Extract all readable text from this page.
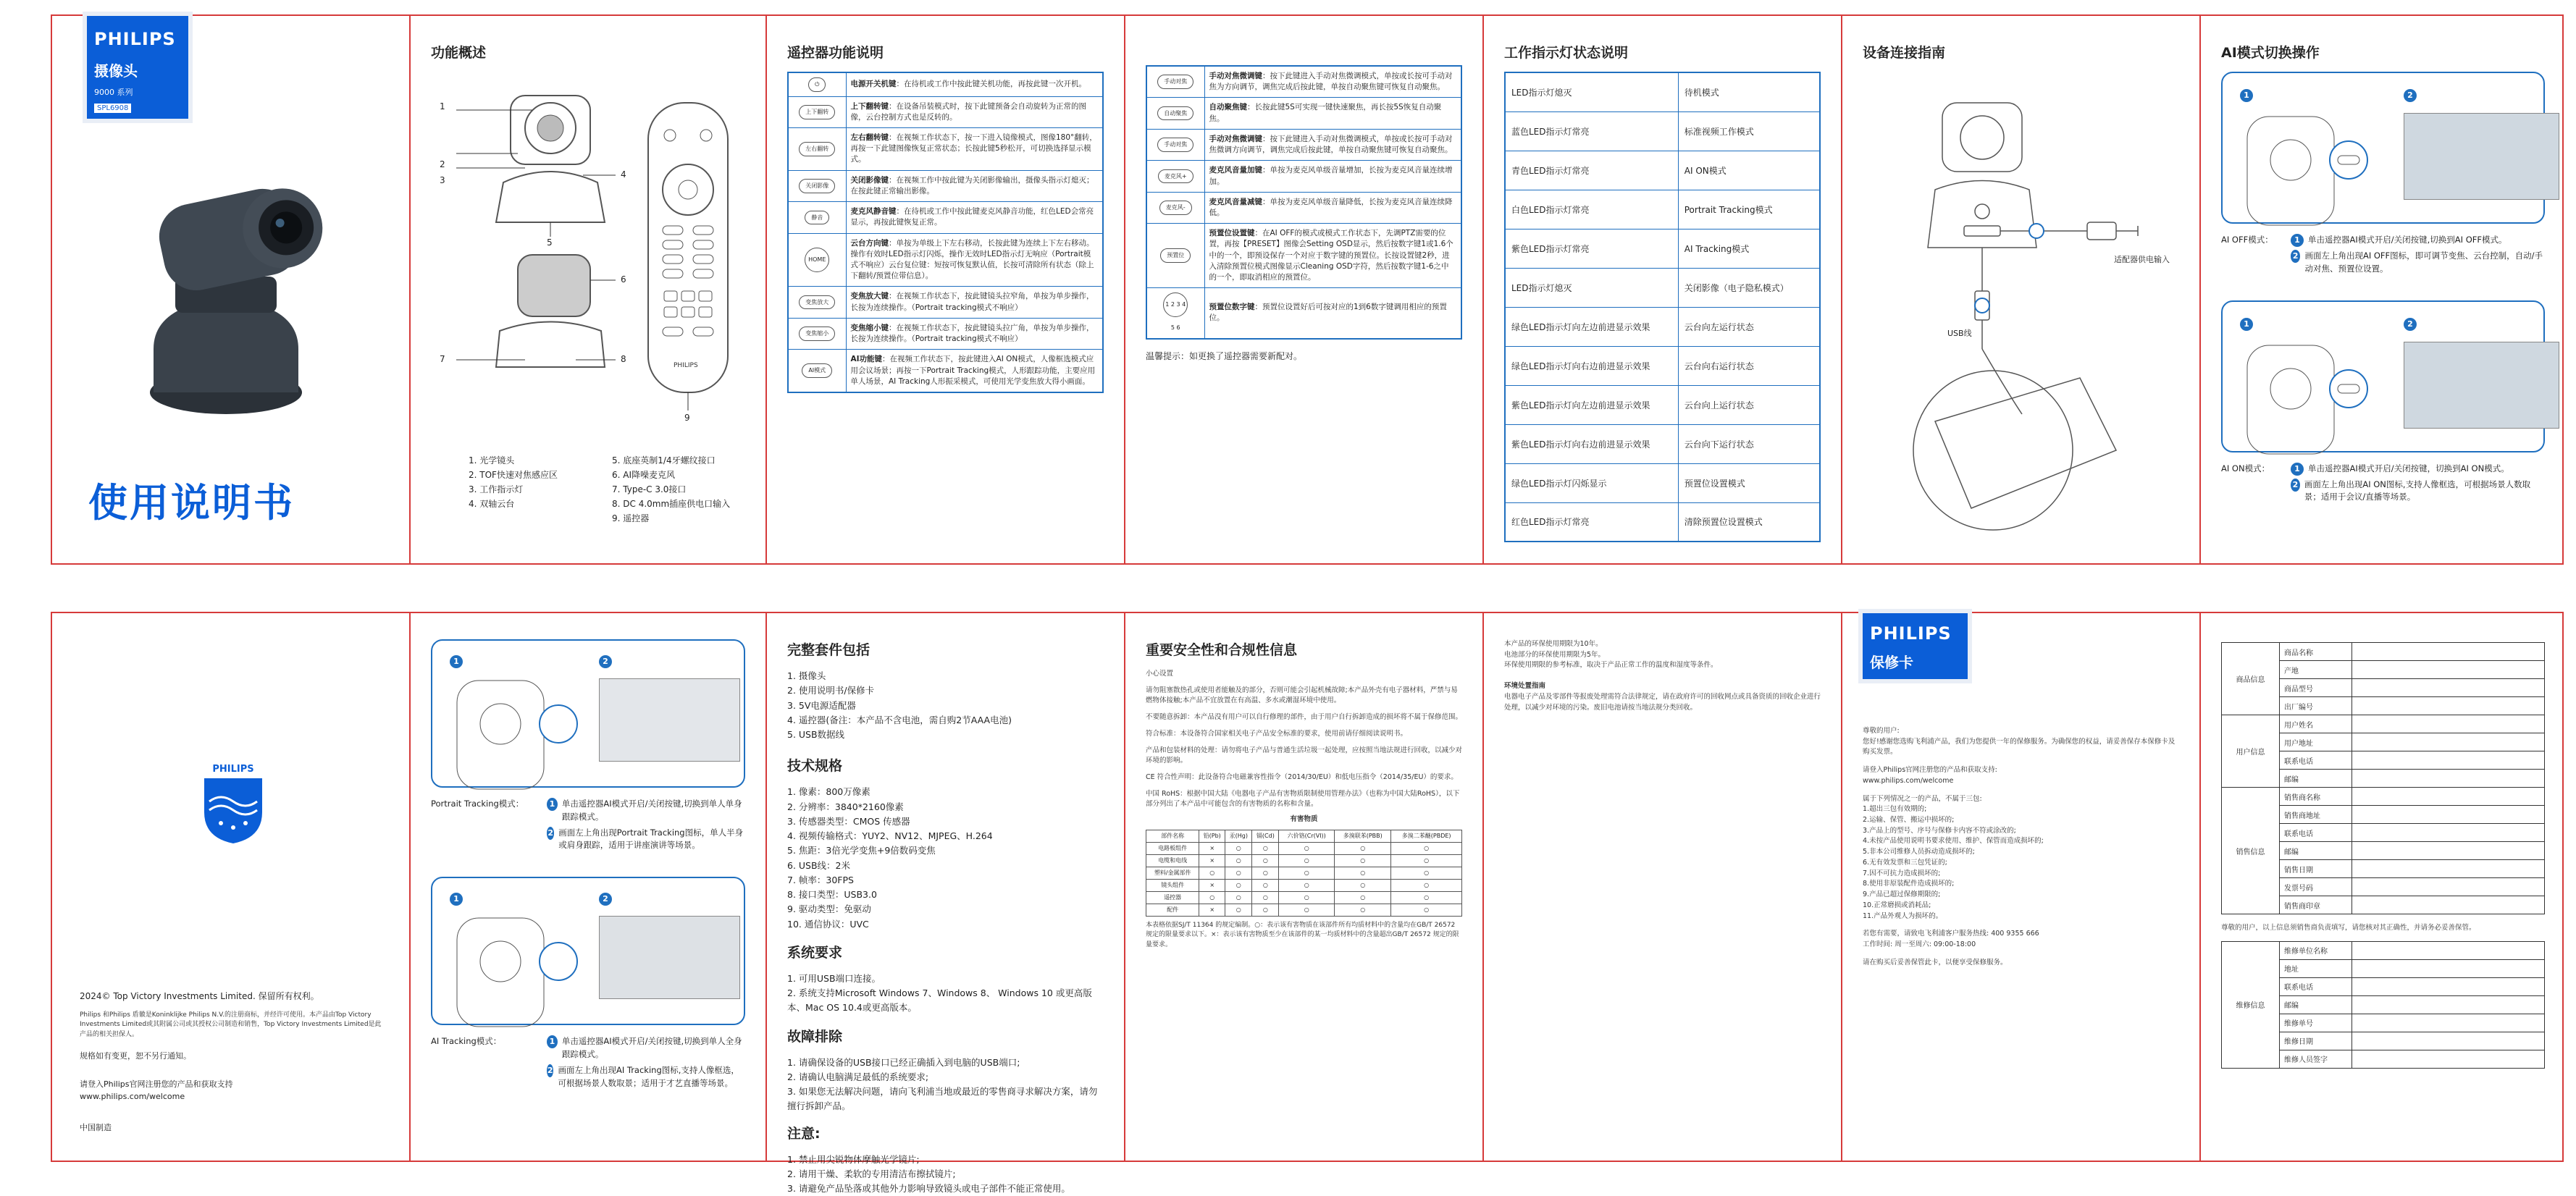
PHILIPS
摄像头
9000 系列
SPL6908
使用说明书
功能概述
PHILIPS
1
2
3
4
5
6
7	8
9
1. 光学镜头	5. 底座英制1/4牙螺纹接口
2. TOF快速对焦感应区	6. AI降噪麦克风
3. 工作指示灯	7. Type-C 3.0接口
4. 双轴云台	8. DC 4.0mm插座供电口输入
9. 遥控器
遥控器功能说明
⏻	电源开关机键：在待机或工作中按此键关机功能，再按此键一次开机。
上下翻转	上下翻转键：在设备吊装模式时，按下此键预备会自动旋转为正常的图像，云台控制方式也是反转的。
左右翻转	左右翻转键：在视频工作状态下，按一下进入镜像模式，图像180°翻转，再按一下此键图像恢复正常状态；长按此键5秒松开，可切换选择显示模式。
关闭影像	关闭影像键：在视频工作中按此键为关闭影像输出，摄像头指示灯熄灭；在按此键正常输出影像。
静音	麦克风静音键：在待机或工作中按此键麦克风静音功能，红色LED会常亮显示，再按此键恢复正常。
HOME	云台方向键：单按为单级上下左右移动，长按此键为连续上下左右移动。操作有效时LED指示灯闪烁，操作无效时LED指示灯无响应（Portrait模式不响应）云台复位键：短按可恢复默认值，长按可清除所有状态（除上下翻转/预置位带信息）。
变焦放大	变焦放大键：在视频工作状态下，按此键镜头拉窄角，单按为单步操作，长按为连续操作。（Portrait tracking模式不响应）
变焦缩小	变焦缩小键：在视频工作状态下，按此键镜头拉广角，单按为单步操作，长按为连续操作。（Portrait tracking模式不响应）
AI模式	AI功能键：在视频工作状态下，按此键进入AI ON模式，人像框选模式应用会议场景；再按一下Portrait Tracking模式，人形跟踪功能，主要应用单人场景，AI Tracking人形振采模式，可使用光学变焦放大得小画面。
手动对焦	手动对焦微调键：按下此键进入手动对焦微调模式，单按或长按可手动对焦为方向调节，调焦完成后按此键，单按自动聚焦键可恢复自动聚焦。
自动聚焦	自动聚焦键：长按此键5S可实现一键快速聚焦，再长按5S恢复自动聚焦。
手动对焦	手动对焦微调键：按下此键进入手动对焦微调模式，单按或长按可手动对焦微调方向调节，调焦完成后按此键，单按自动聚焦键可恢复自动聚焦。
麦克风+	麦克风音量加键：单按为麦克风单级音量增加，长按为麦克风音量连续增加。
麦克风-	麦克风音量减键：单按为麦克风单级音量降低，长按为麦克风音量连续降低。
预置位	预置位设置键：在AI OFF的模式或模式工作状态下，先调PTZ需要的位置，再按【PRESET】图像会Setting OSD显示，然后按数字键1或1.6个中的一个，即预设保存一个对应于数字键的预置位。长按设置键2秒，进入清除预置位模式图像显示Cleaning OSD字符，然后按数字键1-6之中的一个，即取消相应的预置位。
1 2 3 4 5 6	预置位数字键：预置位设置好后可按对应的1到6数字键调用相应的预置位。
温馨提示：如更换了遥控器需要新配对。
工作指示灯状态说明
LED指示灯熄灭	待机模式
蓝色LED指示灯常亮	标准视频工作模式
青色LED指示灯常亮	AI ON模式
白色LED指示灯常亮	Portrait Tracking模式
紫色LED指示灯常亮	AI Tracking模式
LED指示灯熄灭	关闭影像（电子隐私模式）
绿色LED指示灯向左边前进显示效果	云台向左运行状态
绿色LED指示灯向右边前进显示效果	云台向右运行状态
紫色LED指示灯向左边前进显示效果	云台向上运行状态
紫色LED指示灯向右边前进显示效果	云台向下运行状态
绿色LED指示灯闪烁显示	预置位设置模式
红色LED指示灯常亮	清除预置位设置模式
设备连接指南
适配器供电输入
USB线
AI模式切换操作
1	2
AI OFF模式：	1 单击遥控器AI模式开启/关闭按键,切换到AI OFF模式。
2 画面左上角出现AI OFF图标，即可调节变焦、云台控制，自动/手动对焦、预置位设置。
1	2
AI ON模式：	1 单击遥控器AI模式开启/关闭按键，切换到AI ON模式。
2 画面左上角出现AI ON图标,支持人像框选，可根据场景人数取景；适用于会议/直播等场景。
PHILIPS
2024© Top Victory Investments Limited. 保留所有权利。
Philips 和Philips 盾徽是Koninklijke Philips N.V.的注册商标，并经许可使用。本产品由Top Victory Investments Limited或其附属公司或其授权公司制造和销售，Top Victory Investments Limited是此产品的相关担保人。
规格如有变更，恕不另行通知。
请登入Philips官网注册您的产品和获取支持
www.philips.com/welcome
中国制造
1	2
Portrait Tracking模式：	1 单击遥控器AI模式开启/关闭按键,切换到单人单身跟踪模式。
2 画面左上角出现Portrait Tracking图标，单人半身或肩身跟踪，适用于讲座演讲等场景。
1	2
AI Tracking模式：	1 单击遥控器AI模式开启/关闭按键,切换到单人全身跟踪模式。
2 画面左上角出现AI Tracking图标,支持人像框选，可根据场景人数取景；适用于才艺直播等场景。
完整套件包括
1. 摄像头
2. 使用说明书/保修卡
3. 5V电源适配器
4. 遥控器(备注：本产品不含电池，需自购2节AAA电池)
5. USB数据线
技术规格
1. 像素：800万像素
2. 分辨率：3840*2160像素
3. 传感器类型：CMOS 传感器
4. 视频传输格式：YUY2、NV12、MJPEG、H.264
5. 焦距：3倍光学变焦+9倍数码变焦
6. USB线：2米
7. 帧率：30FPS
8. 接口类型：USB3.0
9. 驱动类型：免驱动
10. 通信协议：UVC
系统要求
1. 可用USB端口连接。
2. 系统支持Microsoft Windows 7、Windows 8、 Windows 10 或更高版本、Mac OS 10.4或更高版本。
故障排除
1. 请确保设备的USB接口已经正确插入到电脑的USB端口;
2. 请确认电脑满足最低的系统要求;
3. 如果您无法解决问题，请向飞利浦当地或最近的零售商寻求解决方案，请勿擅行拆卸产品。
注意:
1. 禁止用尖锐物体摩触光学镜片;
2. 请用干燥、柔软的专用清洁布擦拭镜片;
3. 请避免产品坠落或其他外力影响导致镜头或电子部件不能正常使用。
重要安全性和合规性信息
小心设置
请勿阻塞散热孔或使用者能触及的部分，否则可能会引起机械故障;本产品外壳有电子器材料，严禁与易燃物体接触;本产品不宜放置在有高温、多水或潮湿环境中使用。
不要随意拆卸：本产品没有用户可以自行修理的部件，由于用户自行拆卸造成的损坏将不属于保修范围。
符合标准：本设备符合国家相关电子产品安全标准的要求，使用前请仔细阅读说明书。
产品和包装材料的处理：请勿将电子产品与普通生活垃圾一起处理，应按照当地法规进行回收，以减少对环境的影响。
CE 符合性声明：此设备符合电磁兼容性指令（2014/30/EU）和低电压指令（2014/35/EU）的要求。
中国 RoHS：根据中国大陆《电器电子产品有害物质限制使用管理办法》（也称为中国大陆RoHS），以下部分列出了本产品中可能包含的有害物质的名称和含量。
有害物质
部件名称	铅(Pb)	汞(Hg)	镉(Cd)	六价铬(Cr(VI))	多溴联苯(PBB)	多溴二苯醚(PBDE)
电路板组件	×	○	○	○	○	○
电缆和电线	×	○	○	○	○	○
塑料/金属部件	○	○	○	○	○	○
镜头组件	×	○	○	○	○	○
遥控器	○	○	○	○	○	○
配件	×	○	○	○	○	○
本表格依据SJ/T 11364 的规定编制。○：表示该有害物质在该部件所有均质材料中的含量均在GB/T 26572 规定的限量要求以下。×：表示该有害物质至少在该部件的某一均质材料中的含量超出GB/T 26572 规定的限量要求。
本产品的环保使用期限为10年。
电池部分的环保使用期限为5年。
环保使用期限的参考标准，取决于产品正常工作的温度和湿度等条件。
环境处置指南
电器电子产品及零部件等报废处理需符合法律规定，请在政府许可的回收网点或具备资质的回收企业进行处理，以减少对环境的污染。废旧电池请按当地法规分类回收。
PHILIPS
保修卡
尊敬的用户:
您好!感谢您选购飞利浦产品，我们为您提供一年的保修服务。为确保您的权益，请妥善保存本保修卡及购买发票。
请登入Philips官网注册您的产品和获取支持:
www.philips.com/welcome
属于下列情况之一的产品，不属于三包:
1.超出三包有效期的;
2.运输、保管、搬运中损坏的;
3.产品上的型号、序号与保修卡内容不符或涂改的;
4.未按产品使用说明书要求使用、维护、保管而造成损坏的;
5.非本公司维修人员拆动造成损坏的;
6.无有效发票和三包凭证的;
7.因不可抗力造成损坏的;
8.使用非原装配件造成损坏的;
9.产品已超过保修期限的;
10.正常磨损或消耗品;
11.产品外观人为损坏的。
若您有需要，请致电飞利浦客户服务热线: 400 9355 666
工作时间: 周一至周六: 09:00-18:00
请在购买后妥善保管此卡，以便享受保修服务。
商品信息	商品名称	
	产地	
	商品型号	
	出厂编号	
用户信息	用户姓名	
	用户地址	
	联系电话	
	邮编	
销售信息	销售商名称	
	销售商地址	
	联系电话	
	邮编	
	销售日期	
	发票号码	
	销售商印章	
尊敬的用户，以上信息须销售商负责填写，请您核对其正确性，并请务必妥善保管。
维修信息	维修单位名称	
	地址	
	联系电话	
	邮编	
	维修单号	
	维修日期	
	维修人员签字	
